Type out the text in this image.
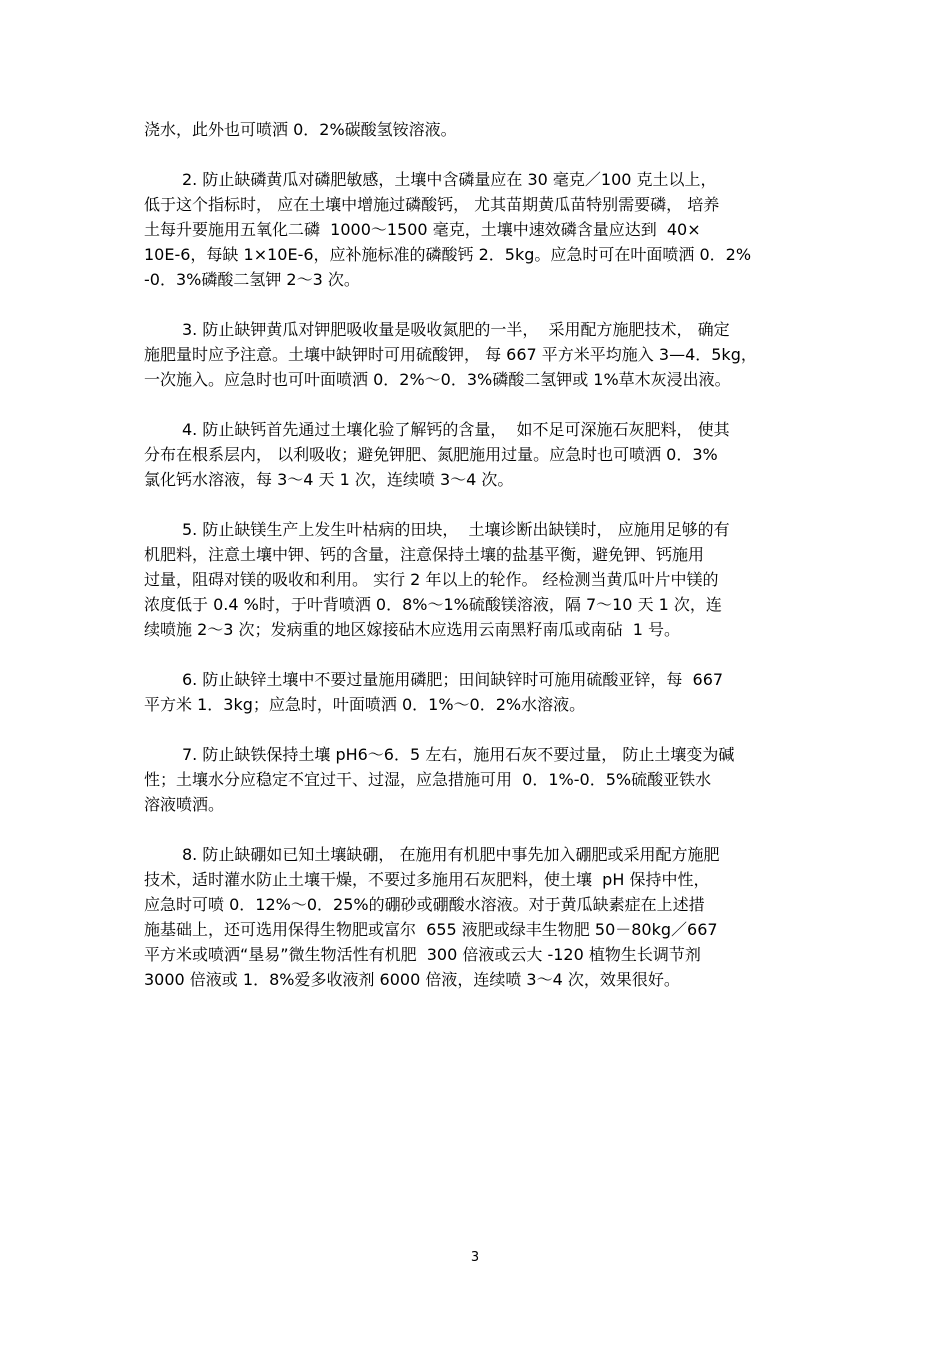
浇水，此外也可喷洒 0．2%碳酸氢铵溶液。
2. 防止缺磷黄瓜对磷肥敏感，土壤中含磷量应在 30 毫克／100 克土以上，
低于这个指标时， 应在土壤中增施过磷酸钙， 尤其苗期黄瓜苗特别需要磷， 培养
土每升要施用五氧化二磷  1000～1500 毫克，土壤中速效磷含量应达到  40×
10E-6，每缺 1×10E-6，应补施标准的磷酸钙 2．5kg。应急时可在叶面喷洒 0．2%
-0．3%磷酸二氢钾 2～3 次。
3. 防止缺钾黄瓜对钾肥吸收量是吸收氮肥的一半，  采用配方施肥技术， 确定
施肥量时应予注意。土壤中缺钾时可用硫酸钾， 每 667 平方米平均施入 3—4．5kg，
一次施入。应急时也可叶面喷洒 0．2%～0．3%磷酸二氢钾或 1%草木灰浸出液。
4. 防止缺钙首先通过土壤化验了解钙的含量，  如不足可深施石灰肥料， 使其
分布在根系层内， 以利吸收；避免钾肥、氮肥施用过量。应急时也可喷洒 0．3%
氯化钙水溶液，每 3～4 天 1 次，连续喷 3～4 次。
5. 防止缺镁生产上发生叶枯病的田块，  土壤诊断出缺镁时， 应施用足够的有
机肥料，注意土壤中钾、钙的含量，注意保持土壤的盐基平衡，避免钾、钙施用
过量，阻碍对镁的吸收和利用。 实行 2 年以上的轮作。 经检测当黄瓜叶片中镁的
浓度低于 0.4 %时，于叶背喷洒 0．8%～1%硫酸镁溶液，隔 7～10 天 1 次，连
续喷施 2～3 次；发病重的地区嫁接砧木应选用云南黑籽南瓜或南砧  1 号。
6. 防止缺锌土壤中不要过量施用磷肥；田间缺锌时可施用硫酸亚锌，每  667
平方米 1．3kg；应急时，叶面喷洒 0．1%～0．2%水溶液。
7. 防止缺铁保持土壤 pH6～6．5 左右，施用石灰不要过量， 防止土壤变为碱
性；土壤水分应稳定不宜过干、过湿，应急措施可用  0．1%-0．5%硫酸亚铁水
溶液喷洒。
8. 防止缺硼如已知土壤缺硼， 在施用有机肥中事先加入硼肥或采用配方施肥
技术，适时灌水防止土壤干燥，不要过多施用石灰肥料，使土壤  pH 保持中性，
应急时可喷 0．12%～0．25%的硼砂或硼酸水溶液。对于黄瓜缺素症在上述措
施基础上，还可选用保得生物肥或富尔  655 液肥或绿丰生物肥 50－80kg／667
平方米或喷洒“垦易”微生物活性有机肥  300 倍液或云大 -120 植物生长调节剂
3000 倍液或 1．8%爱多收液剂 6000 倍液，连续喷 3～4 次，效果很好。
3
